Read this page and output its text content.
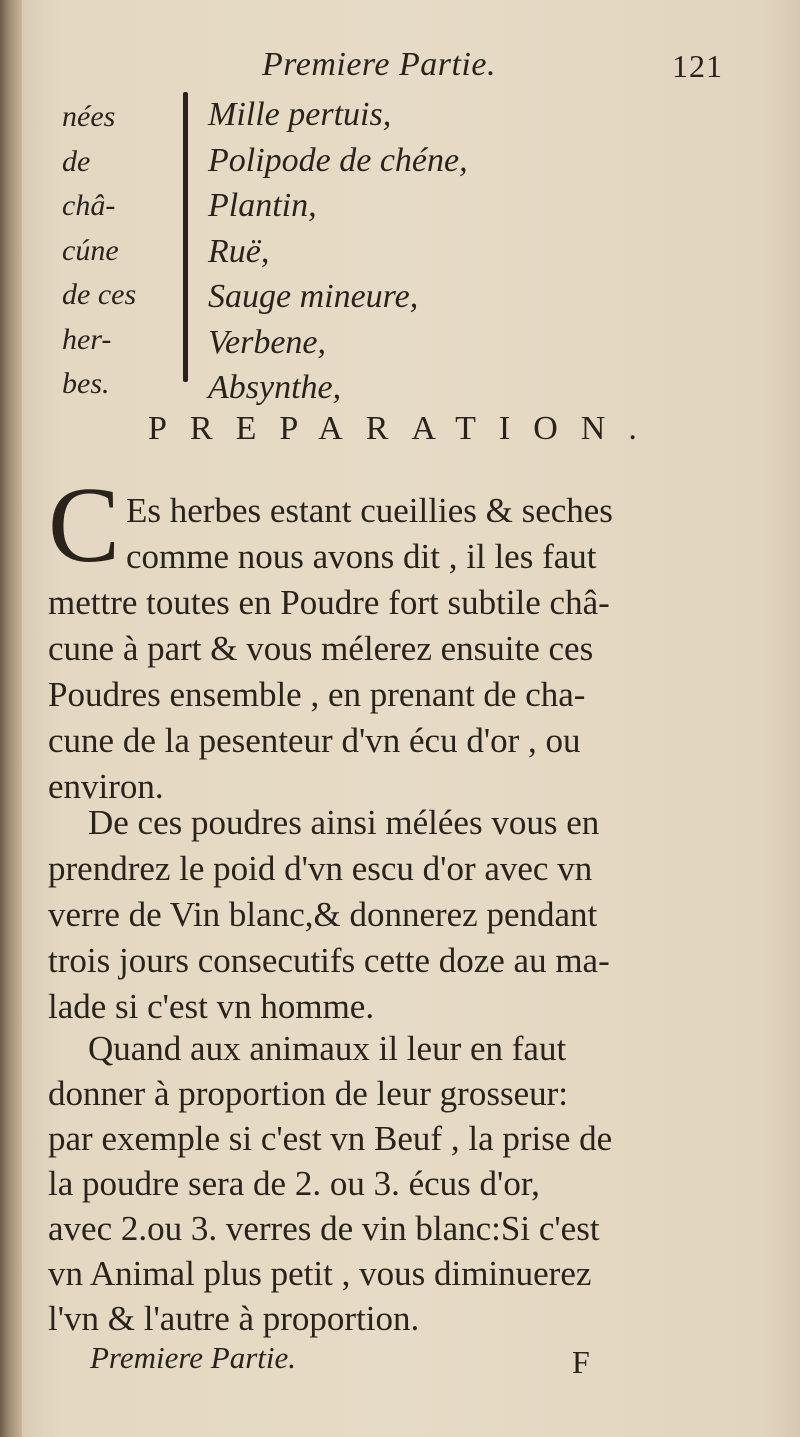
Premiere Partie.	121
nées
de
châ-
cúne
de ces
her-
bes.
Mille pertuis,
Polipode de chéne,
Plantin,
Ruë,
Sauge mineure,
Verbene,
Absynthe,
PREPARATION.
C Es herbes estant cueillies & seches
comme nous avons dit , il les faut
mettre toutes en Poudre fort subtile châ-
cune à part & vous mélerez ensuite ces
Poudres ensemble , en prenant de cha-
cune de la pesenteur d'vn écu d'or , ou
environ.
De ces poudres ainsi mélées vous en
prendrez le poid d'vn escu d'or avec vn
verre de Vin blanc,& donnerez pendant
trois jours consecutifs cette doze au ma-
lade si c'est vn homme.
Quand aux animaux il leur en faut
donner à proportion de leur grosseur:
par exemple si c'est vn Beuf , la prise de
la poudre sera de 2. ou 3. écus d'or,
avec 2.ou 3. verres de vin blanc:Si c'est
vn Animal plus petit , vous diminuerez
l'vn & l'autre à proportion.
Premiere Partie.	F
